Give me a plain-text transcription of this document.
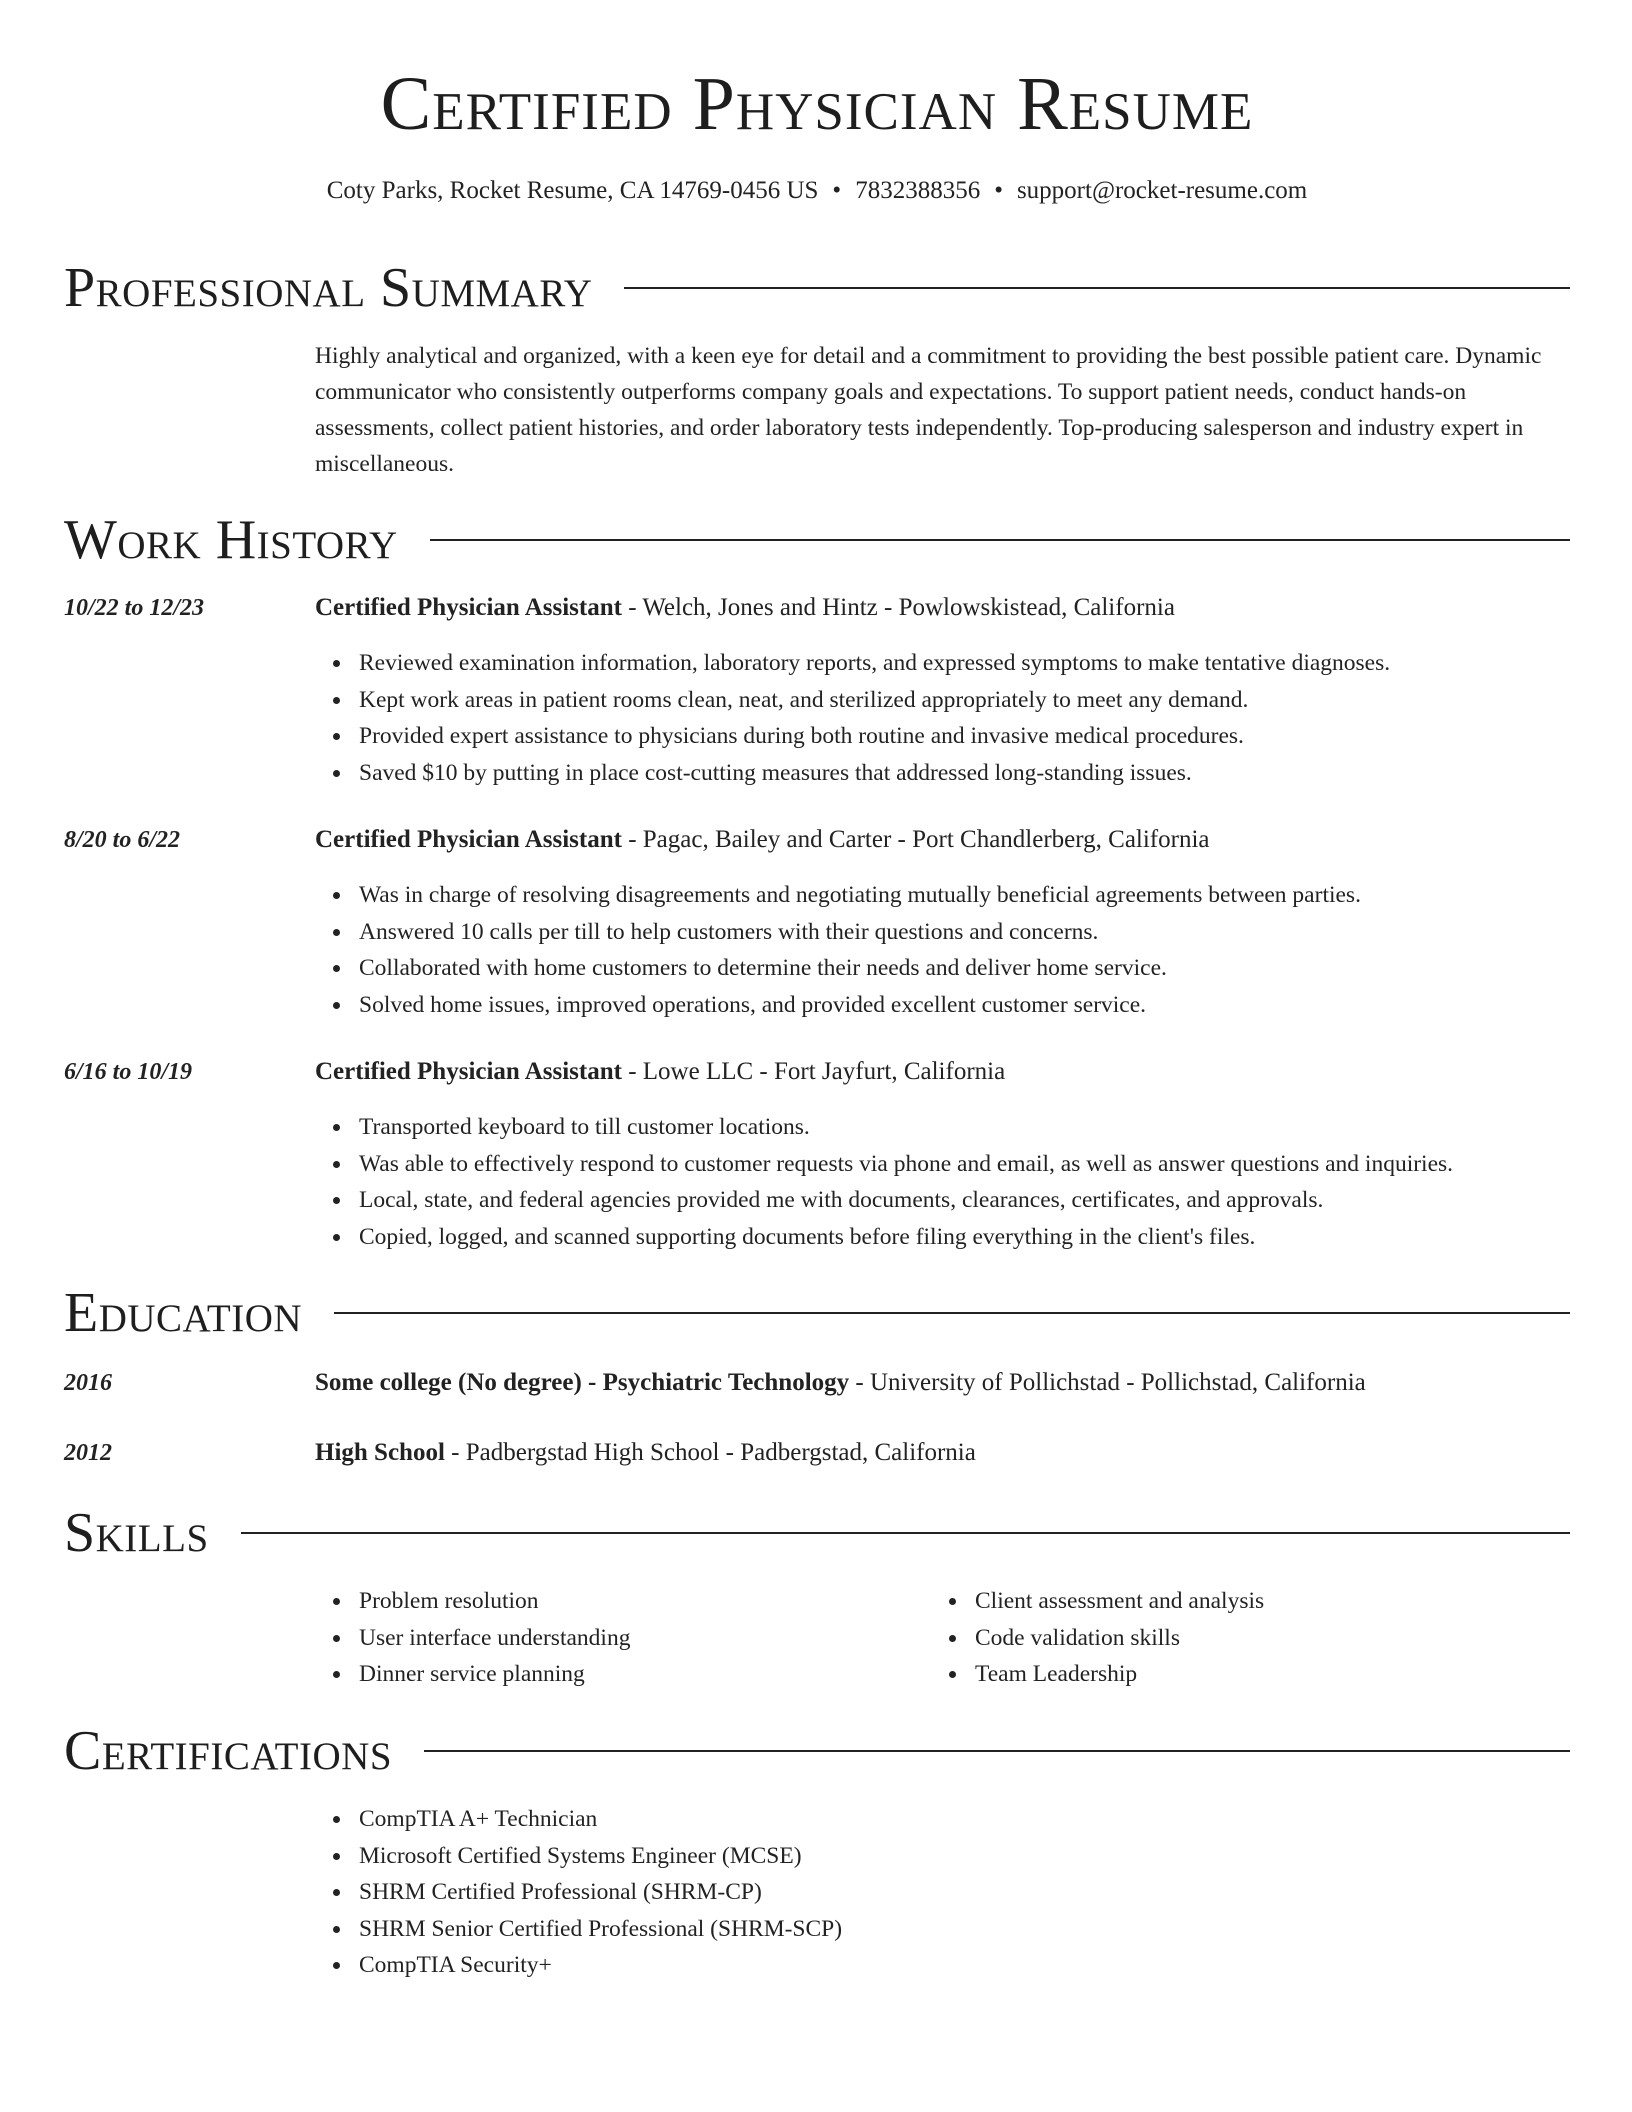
Certified Physician Resume
Coty Parks, Rocket Resume, CA 14769-0456 US • 7832388356 • support@rocket-resume.com
Professional Summary
Highly analytical and organized, with a keen eye for detail and a commitment to providing the best possible patient care. Dynamic communicator who consistently outperforms company goals and expectations. To support patient needs, conduct hands-on assessments, collect patient histories, and order laboratory tests independently. Top-producing salesperson and industry expert in miscellaneous.
Work History
10/22 to 12/23	Certified Physician Assistant - Welch, Jones and Hintz - Powlowskistead, California
Reviewed examination information, laboratory reports, and expressed symptoms to make tentative diagnoses.
Kept work areas in patient rooms clean, neat, and sterilized appropriately to meet any demand.
Provided expert assistance to physicians during both routine and invasive medical procedures.
Saved $10 by putting in place cost-cutting measures that addressed long-standing issues.
8/20 to 6/22	Certified Physician Assistant - Pagac, Bailey and Carter - Port Chandlerberg, California
Was in charge of resolving disagreements and negotiating mutually beneficial agreements between parties.
Answered 10 calls per till to help customers with their questions and concerns.
Collaborated with home customers to determine their needs and deliver home service.
Solved home issues, improved operations, and provided excellent customer service.
6/16 to 10/19	Certified Physician Assistant - Lowe LLC - Fort Jayfurt, California
Transported keyboard to till customer locations.
Was able to effectively respond to customer requests via phone and email, as well as answer questions and inquiries.
Local, state, and federal agencies provided me with documents, clearances, certificates, and approvals.
Copied, logged, and scanned supporting documents before filing everything in the client's files.
Education
2016	Some college (No degree) - Psychiatric Technology - University of Pollichstad - Pollichstad, California
2012	High School - Padbergstad High School - Padbergstad, California
Skills
Problem resolution
User interface understanding
Dinner service planning
Client assessment and analysis
Code validation skills
Team Leadership
Certifications
CompTIA A+ Technician
Microsoft Certified Systems Engineer (MCSE)
SHRM Certified Professional (SHRM-CP)
SHRM Senior Certified Professional (SHRM-SCP)
CompTIA Security+
